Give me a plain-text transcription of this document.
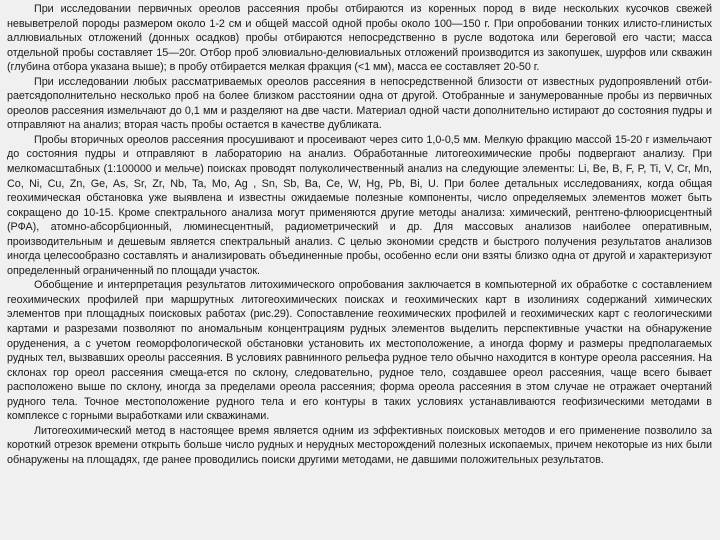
При исследовании первичных ореолов рассеяния пробы отбираются из коренных пород в виде нескольких кусочков свежей невыветрелой породы размером около 1-2 см и общей массой одной пробы около 100—150 г. При опробовании тонких илисто-глинистых аллювиальных отложений (донных осадков) пробы отбираются непосредственно в русле водотока или береговой его части; масса отдельной пробы составляет 15—20г. Отбор проб элювиально-делювиальных отложений производится из закопушек, шурфов или скважин (глубина отбора указана выше); в пробу отбирается мелкая фракция (<1 мм), масса ее составляет 20-50 г.

При исследовании любых рассматриваемых ореолов рассеяния в непосредственной близости от известных рудопроявлений отби-раетсядополнительно несколько проб на более близком расстоянии одна от другой. Отобранные и занумерованные пробы из первичных ореолов рассеяния измельчают до 0,1 мм и разделяют на две части. Материал одной части дополнительно истирают до состояния пудры и отправляют на анализ; вторая часть пробы остается в качестве дубликата.

Пробы вторичных ореолов рассеяния просушивают и просеивают через сито 1,0-0,5 мм. Мелкую фракцию массой 15-20 г измельчают до состояния пудры и отправляют в лабораторию на анализ. Обработанные литогеохимические пробы подвергают анализу. При мелкомасштабных (1:100000 и мельче) поисках проводят полуколичественный анализ на следующие элементы: Li, Be, B, F, P, Ti, V, Cr, Mn, Co, Ni, Cu, Zn, Ge, As, Sr, Zr, Nb, Ta, Mo, Ag , Sn, Sb, Ba, Ce, W, Hg, Pb, Bi, U. При более детальных исследованиях, когда общая геохимическая обстановка уже выявлена и известны ожидаемые полезные компоненты, число определяемых элементов может быть сокращено до 10-15. Кроме спектрального анализа могут применяются другие методы анализа: химический, рентгено-флюорисцентный (РФА), атомно-абсорбционный, люминесцентный, радиометрический и др. Для массовых анализов наиболее оперативным, производительным и дешевым является спектральный анализ. С целью экономии средств и быстрого получения результатов анализов иногда целесообразно составлять и анализировать объединенные пробы, особенно если они взяты близко одна от другой и характеризуют определенный ограниченный по площади участок.

Обобщение и интерпретация результатов литохимического опробования заключается в компьютерной их обработке с составлением геохимических профилей при маршрутных литогеохимических поисках и геохимических карт в изолиниях содержаний химических элементов при площадных поисковых работах (рис.29). Сопоставление геохимических профилей и геохимических карт с геологическими картами и разрезами позволяют по аномальным концентрациям рудных элементов выделить перспективные участки на обнаружение оруденения, а с учетом геоморфологической обстановки установить их местоположение, а иногда форму и размеры предполагаемых рудных тел, вызвавших ореолы рассеяния. В условиях равнинного рельефа рудное тело обычно находится в контуре ореола рассеяния. На склонах гор ореол рассеяния смеща-ется по склону, следовательно, рудное тело, создавшее ореол рассеяния, чаще всего бывает расположено выше по склону, иногда за пределами ореола рассеяния; форма ореола рассеяния в этом случае не отражает очертаний рудного тела. Точное местоположение рудного тела и его контуры в таких условиях устанавливаются геофизическими методами в комплексе с горными выработками или скважинами.

Литогеохимический метод в настоящее время является одним из эффективных поисковых методов и его применение позволило за короткий отрезок времени открыть больше число рудных и нерудных месторождений полезных ископаемых, причем некоторые из них были обнаружены на площадях, где ранее проводились поиски другими методами, не давшими положительных результатов.
